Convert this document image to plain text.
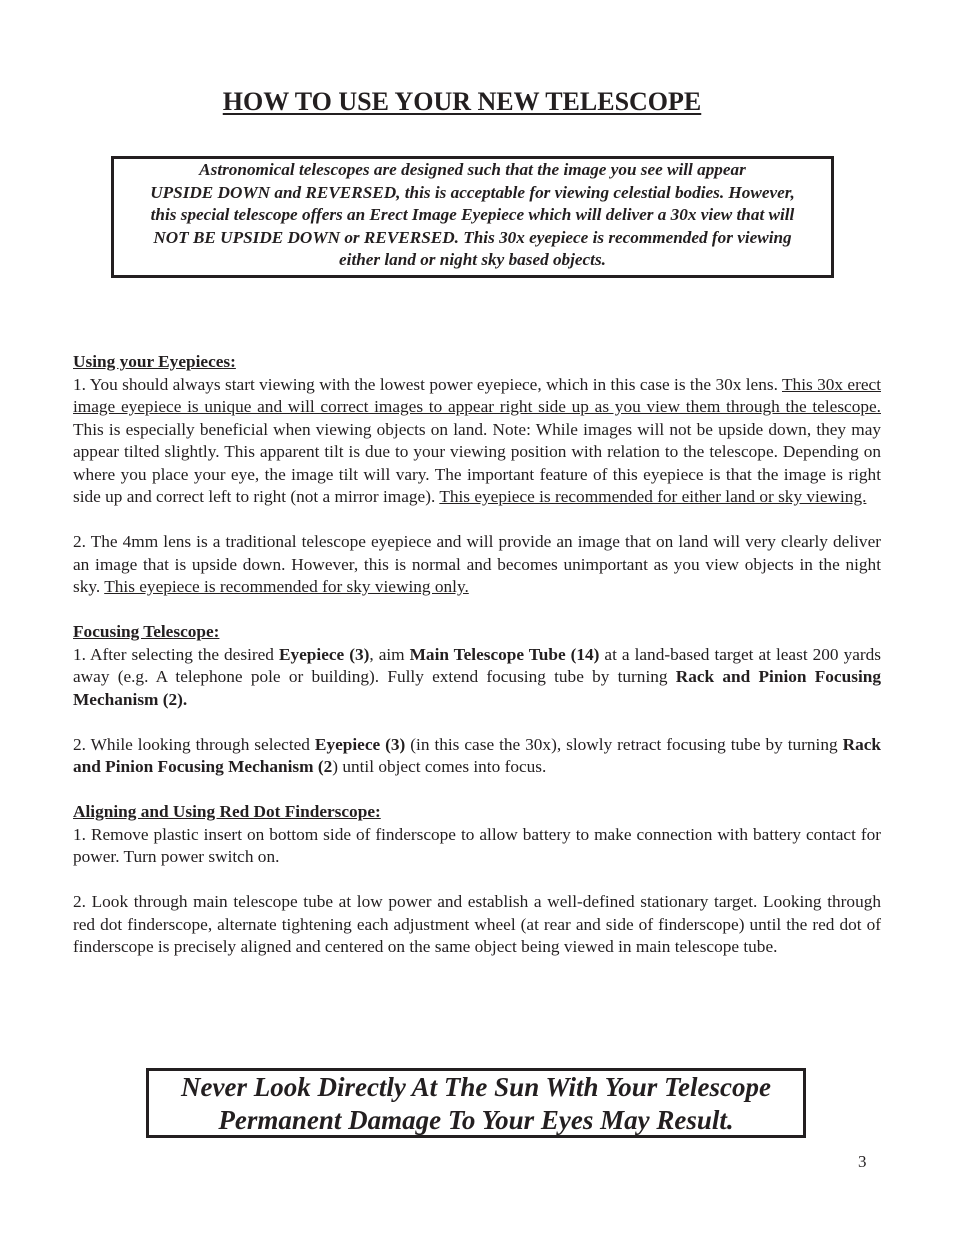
HOW TO USE YOUR NEW TELESCOPE

Astronomical telescopes are designed such that the image you see will appear

UPSIDE DOWN and REVERSED, this is acceptable for viewing celestial bodies. However,

this special telescope offers an Erect Image Eyepiece which will deliver a 30x view that will

NOT BE UPSIDE DOWN or REVERSED. This 30x eyepiece is recommended for viewing

either land or night sky based objects.

Using your Eyepieces:

1. You should always start viewing with the lowest power eyepiece, which in this case is the 30x lens. This 30x erect image eyepiece is unique and will correct images to appear right side up as you view them through the telescope. This is especially beneficial when viewing objects on land. Note: While images will not be upside down, they may appear tilted slightly. This apparent tilt is due to your viewing position with relation to the telescope. Depending on where you place your eye, the image tilt will vary. The important feature of this eyepiece is that the image is right side up and correct left to right (not a mirror image). This eyepiece is recommended for either land or sky viewing.

2. The 4mm lens is a traditional telescope eyepiece and will provide an image that on land will very clearly deliver an image that is upside down. However, this is normal and becomes unimportant as you view objects in the night sky. This eyepiece is recommended for sky viewing only.

Focusing Telescope:

1. After selecting the desired Eyepiece (3), aim Main Telescope Tube (14) at a land-based target at least 200 yards away (e.g. A telephone pole or building). Fully extend focusing tube by turning Rack and Pinion Focusing Mechanism (2).

2. While looking through selected Eyepiece (3) (in this case the 30x), slowly retract focusing tube by turning Rack and Pinion Focusing Mechanism (2) until object comes into focus.

Aligning and Using Red Dot Finderscope:

1. Remove plastic insert on bottom side of finderscope to allow battery to make connection with battery contact for power. Turn power switch on.

2. Look through main telescope tube at low power and establish a well-defined stationary target. Looking through red dot finderscope, alternate tightening each adjustment wheel (at rear and side of finderscope) until the red dot of finderscope is precisely aligned and centered on the same object being viewed in main telescope tube.

Never Look Directly At The Sun With Your Telescope

Permanent Damage To Your Eyes May Result.

3
